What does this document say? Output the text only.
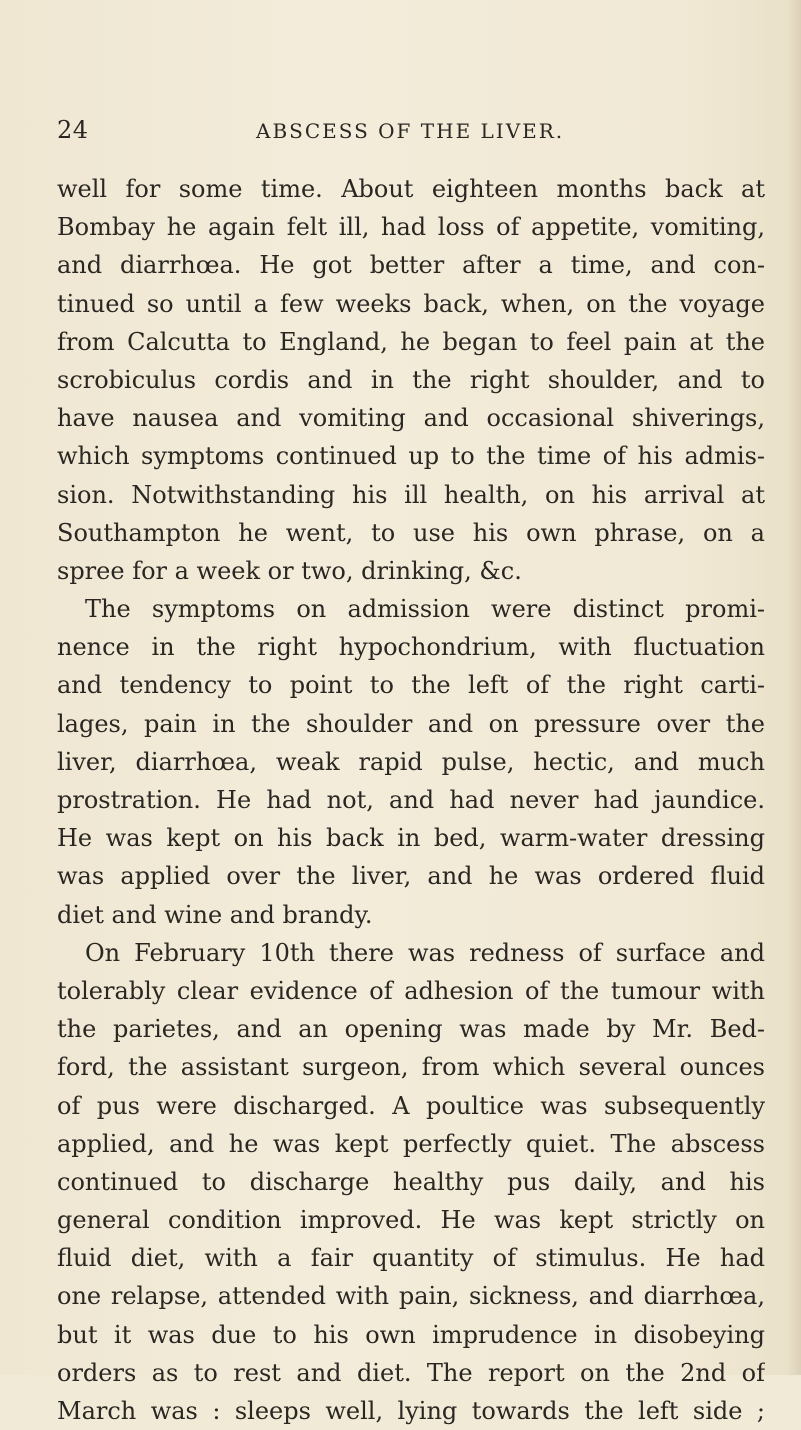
24	ABSCESS OF THE LIVER.
well for some time. About eighteen months back at
Bombay he again felt ill, had loss of appetite, vomiting,
and diarrhœa. He got better after a time, and con-
tinued so until a few weeks back, when, on the voyage
from Calcutta to England, he began to feel pain at the
scrobiculus cordis and in the right shoulder, and to
have nausea and vomiting and occasional shiverings,
which symptoms continued up to the time of his admis-
sion. Notwithstanding his ill health, on his arrival at
Southampton he went, to use his own phrase, on a
spree for a week or two, drinking, &c.
The symptoms on admission were distinct promi-
nence in the right hypochondrium, with fluctuation
and tendency to point to the left of the right carti-
lages, pain in the shoulder and on pressure over the
liver, diarrhœa, weak rapid pulse, hectic, and much
prostration. He had not, and had never had jaundice.
He was kept on his back in bed, warm-water dressing
was applied over the liver, and he was ordered fluid
diet and wine and brandy.
On February 10th there was redness of surface and
tolerably clear evidence of adhesion of the tumour with
the parietes, and an opening was made by Mr. Bed-
ford, the assistant surgeon, from which several ounces
of pus were discharged. A poultice was subsequently
applied, and he was kept perfectly quiet. The abscess
continued to discharge healthy pus daily, and his
general condition improved. He was kept strictly on
fluid diet, with a fair quantity of stimulus. He had
one relapse, attended with pain, sickness, and diarrhœa,
but it was due to his own imprudence in disobeying
orders as to rest and diet. The report on the 2nd of
March was : sleeps well, lying towards the left side ;
